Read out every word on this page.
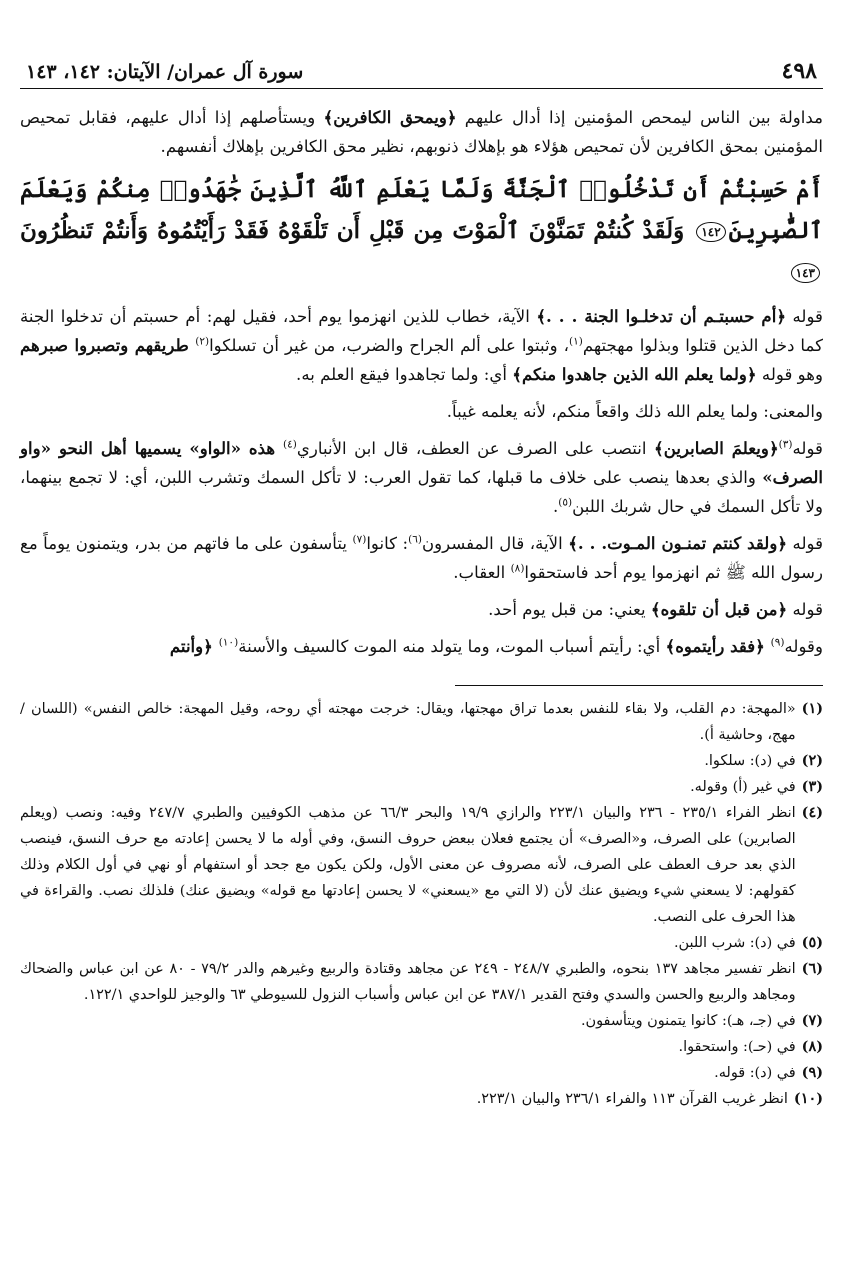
٤٩٨
سورة آل عمران/ الآيتان: ١٤٢، ١٤٣

مداولة بين الناس ليمحص المؤمنين إذا أدال عليهم ﴿ويمحق الكافرين﴾ ويستأصلهم إذا أدال عليهم، فقابل تمحيص المؤمنين بمحق الكافرين لأن تمحيص هؤلاء هو بإهلاك ذنوبهم، نظير محق الكافرين بإهلاك أنفسهم.

أَمْ حَسِبْتُمْ أَن تَدْخُلُوا۟ ٱلْجَنَّةَ وَلَمَّا يَعْلَمِ ٱللَّهُ ٱلَّذِينَ جَٰهَدُوا۟ مِنكُمْ وَيَعْلَمَ ٱلصَّٰبِرِينَ١٤٢ وَلَقَدْ كُنتُمْ تَمَنَّوْنَ ٱلْمَوْتَ مِن قَبْلِ أَن تَلْقَوْهُ فَقَدْ رَأَيْتُمُوهُ وَأَنتُمْ تَنظُرُونَ١٤٣

قوله ﴿أم حسبتـم أن تدخلـوا الجنة . . .﴾ الآية، خطاب للذين انهزموا يوم أحد، فقيل لهم: أم حسبتم أن تدخلوا الجنة كما دخل الذين قتلوا وبذلوا مهجتهم$^{(١)}$، وثبتوا على ألم الجراح والضرب، من غير أن تسلكوا$^{(٢)}$ طريقهم وتصبروا صبرهم وهو قوله ﴿ولما يعلم الله الذين جاهدوا منكم﴾ أي: ولما تجاهدوا فيقع العلم به.

والمعنى: ولما يعلم الله ذلك واقعاً منكم، لأنه يعلمه غيباً.

قوله$^{(٣)}$﴿ويعلمَ الصابرين﴾ انتصب على الصرف عن العطف، قال ابن الأنباري$^{(٤)}$ هذه «الواو» يسميها أهل النحو «واو الصرف» والذي بعدها ينصب على خلاف ما قبلها، كما تقول العرب: لا تأكل السمك وتشرب اللبن، أي: لا تجمع بينهما، ولا تأكل السمك في حال شربك اللبن$^{(٥)}$.

قوله ﴿ولقد كنتم تمنـون المـوت. . .﴾ الآية، قال المفسرون$^{(٦)}$: كانوا$^{(٧)}$ يتأسفون على ما فاتهم من بدر، ويتمنون يوماً مع رسول الله ﷺ ثم انهزموا يوم أحد فاستحقوا$^{(٨)}$ العقاب.

قوله ﴿من قبل أن تلقوه﴾ يعني: من قبل يوم أحد.

وقوله$^{(٩)}$ ﴿فقد رأيتموه﴾ أي: رأيتم أسباب الموت، وما يتولد منه الموت كالسيف والأسنة$^{(١٠)}$ ﴿وأنتم

(١)
«المهجة: دم القلب، ولا بقاء للنفس بعدما تراق مهجتها، ويقال: خرجت مهجته أي روحه، وقيل المهجة: خالص النفس» (اللسان / مهج، وحاشية أ).
(٢)
في (د): سلكوا.
(٣)
في غير (أ) وقوله.
(٤)
انظر الفراء ٢٣٥/١ - ٢٣٦ والبيان ٢٢٣/١ والرازي ١٩/٩ والبحر ٦٦/٣ عن مذهب الكوفيين والطبري ٢٤٧/٧ وفيه: ونصب (ويعلم الصابرين) على الصرف، و«الصرف» أن يجتمع فعلان ببعض حروف النسق، وفي أوله ما لا يحسن إعادته مع حرف النسق، فينصب الذي بعد حرف العطف على الصرف، لأنه مصروف عن معنى الأول، ولكن يكون مع جحد أو استفهام أو نهي في أول الكلام وذلك كقولهم: لا يسعني شيء ويضيق عنك لأن (لا التي مع «يسعني» لا يحسن إعادتها مع قوله» ويضيق عنك) فلذلك نصب. والقراءة في هذا الحرف على النصب.
(٥)
في (د): شرب اللبن.
(٦)
انظر تفسير مجاهد ١٣٧ بنحوه، والطبري ٢٤٨/٧ - ٢٤٩ عن مجاهد وقتادة والربيع وغيرهم والدر ٧٩/٢ - ٨٠ عن ابن عباس والضحاك ومجاهد والربيع والحسن والسدي وفتح القدير ٣٨٧/١ عن ابن عباس وأسباب النزول للسيوطي ٦٣ والوجيز للواحدي ١٢٢/١.
(٧)
في (جـ، هـ): كانوا يتمنون ويتأسفون.
(٨)
في (حـ): واستحقوا.
(٩)
في (د): قوله.
(١٠)
انظر غريب القرآن ١١٣ والفراء ٢٣٦/١ والبيان ٢٢٣/١.
